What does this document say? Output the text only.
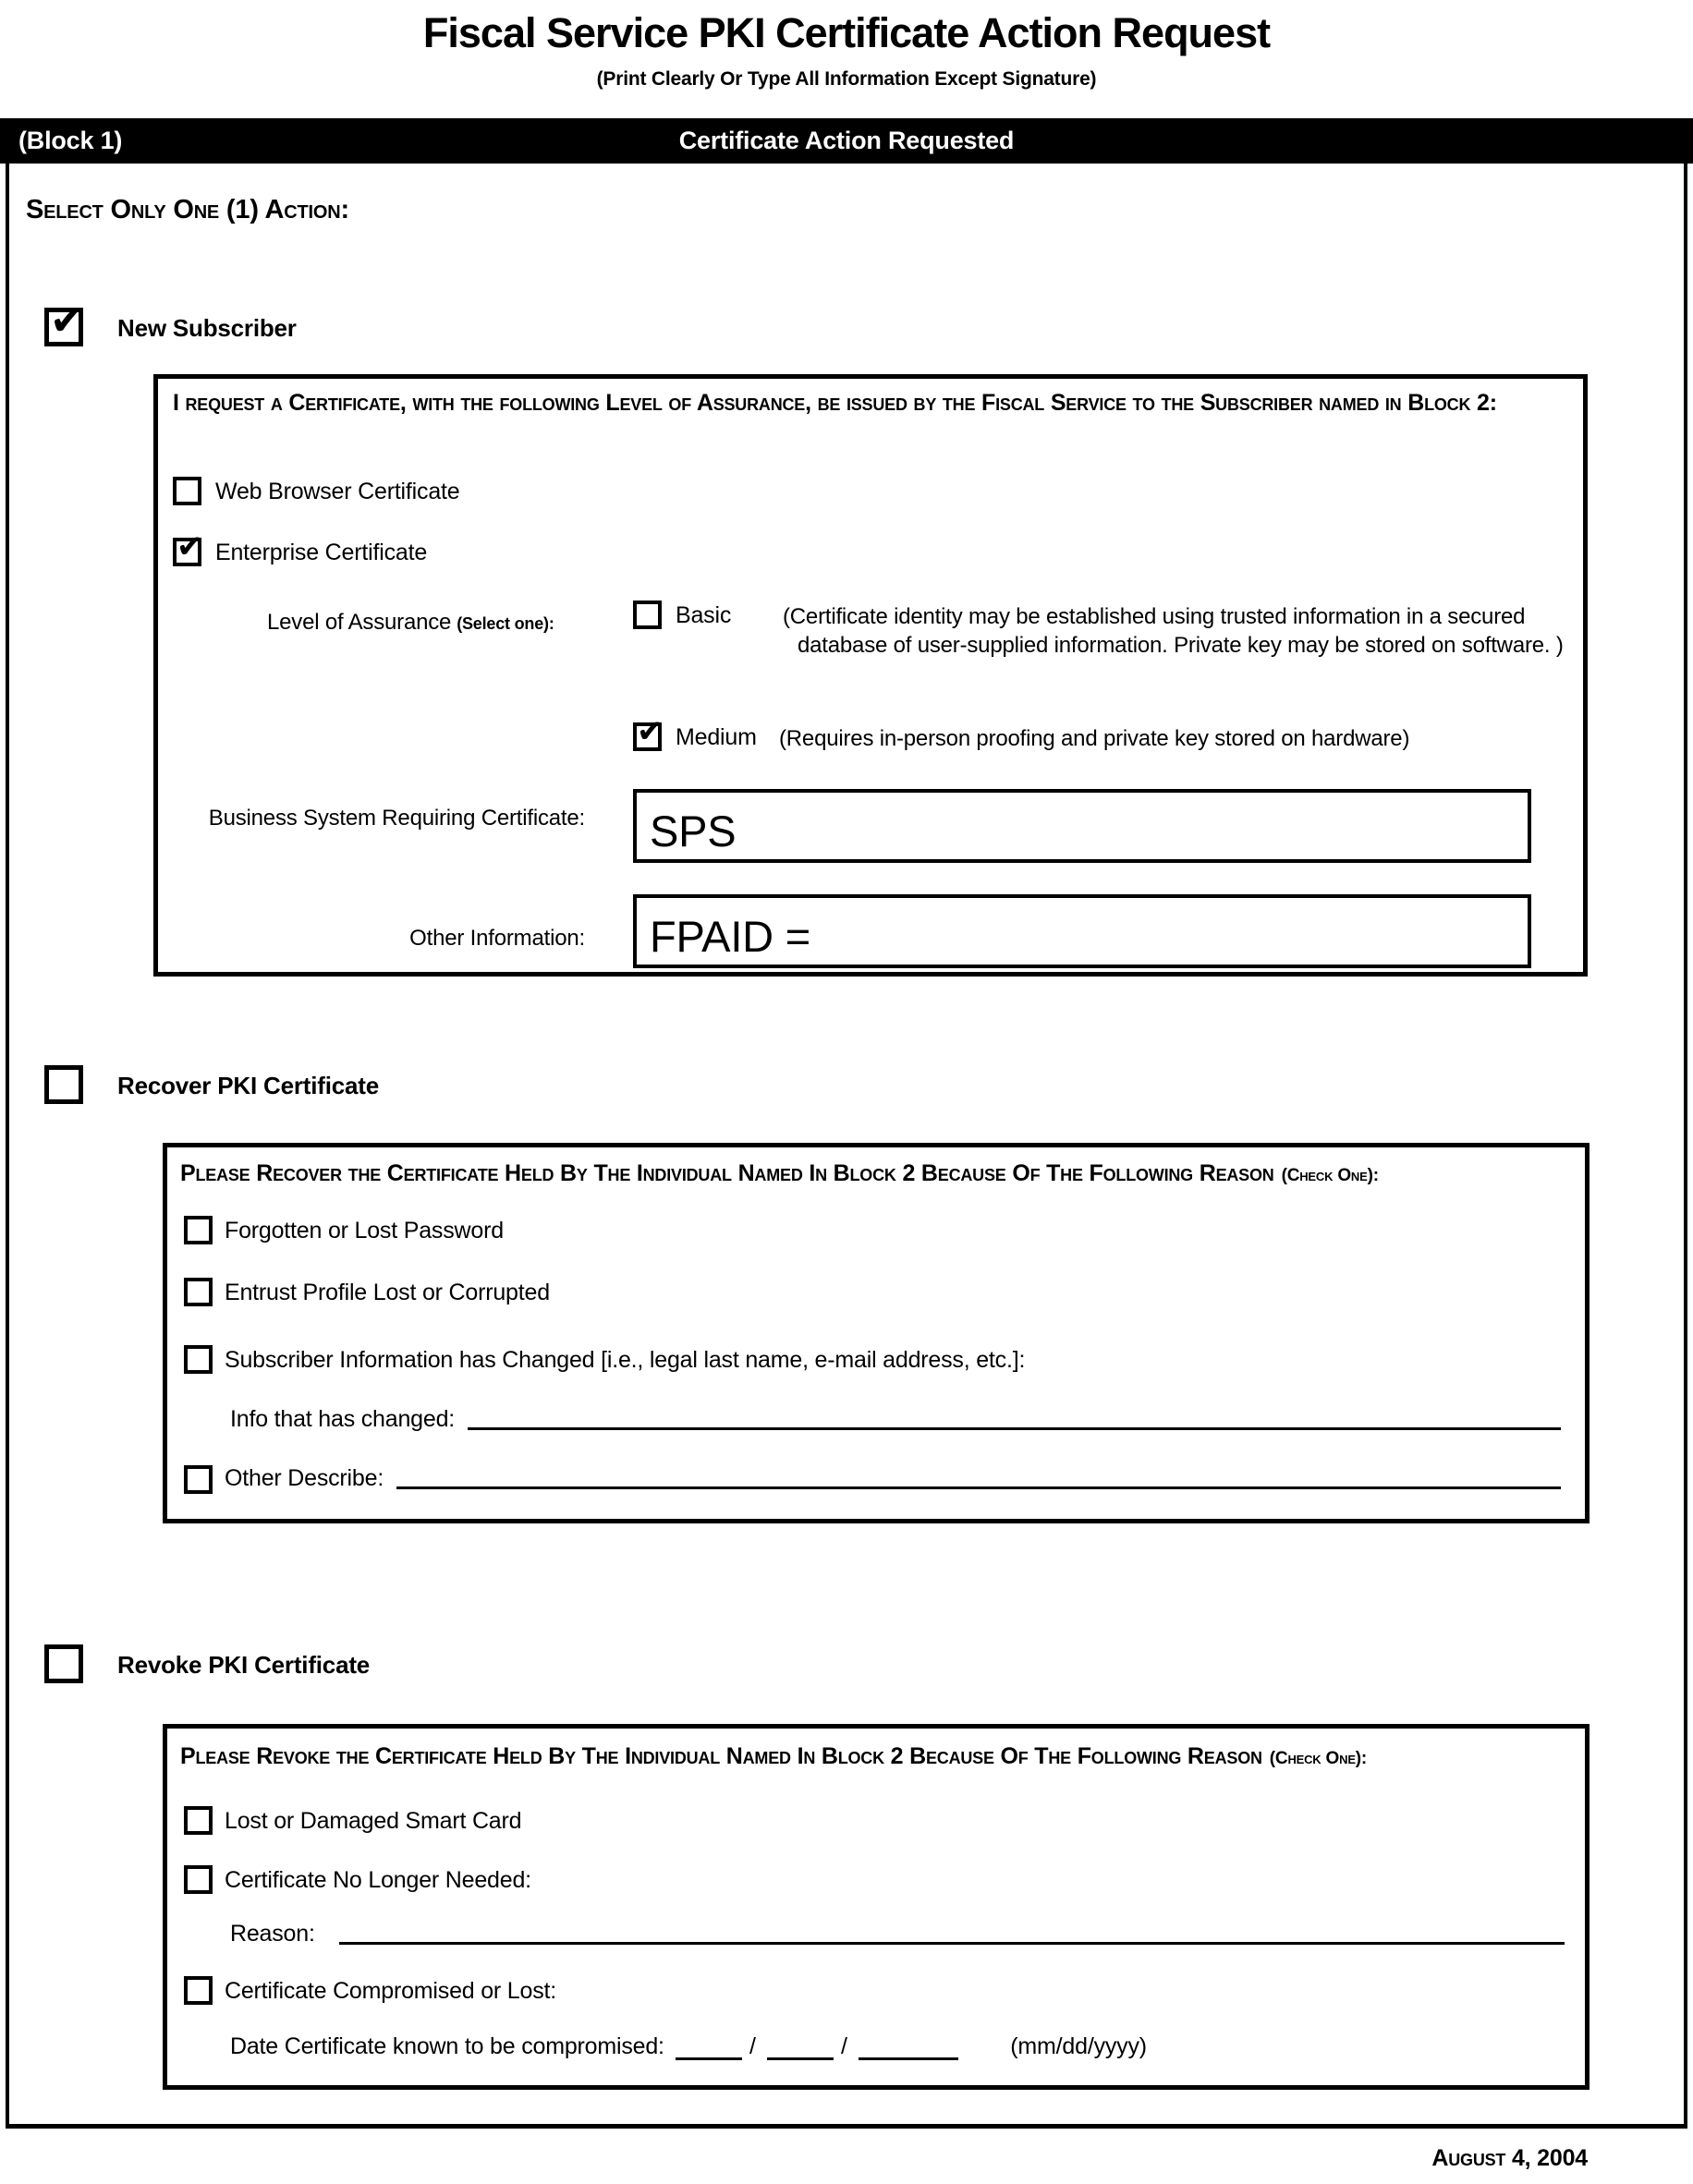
Fiscal Service PKI Certificate Action Request
(Print Clearly Or Type All Information Except Signature)
(Block 1)	Certificate Action Requested
Select Only One (1) Action:
✔ New Subscriber
I request a Certificate, with the following Level of Assurance, be issued by the Fiscal Service to the Subscriber named in Block 2:
Web Browser Certificate
✔ Enterprise Certificate
Level of Assurance (Select one):	Basic (Certificate identity may be established using trusted information in a secured database of user-supplied information. Private key may be stored on software. )
✔ Medium (Requires in-person proofing and private key stored on hardware)
Business System Requiring Certificate:	SPS
Other Information:	FPAID =
Recover PKI Certificate
Please Recover the Certificate Held By The Individual Named In Block 2 Because Of The Following Reason (Check One):
Forgotten or Lost Password
Entrust Profile Lost or Corrupted
Subscriber Information has Changed [i.e., legal last name, e-mail address, etc.]:
Info that has changed:
Other Describe:
Revoke PKI Certificate
Please Revoke the Certificate Held By The Individual Named In Block 2 Because Of The Following Reason (Check One):
Lost or Damaged Smart Card
Certificate No Longer Needed:
Reason:
Certificate Compromised or Lost:
Date Certificate known to be compromised:	/	/	(mm/dd/yyyy)
August 4, 2004
